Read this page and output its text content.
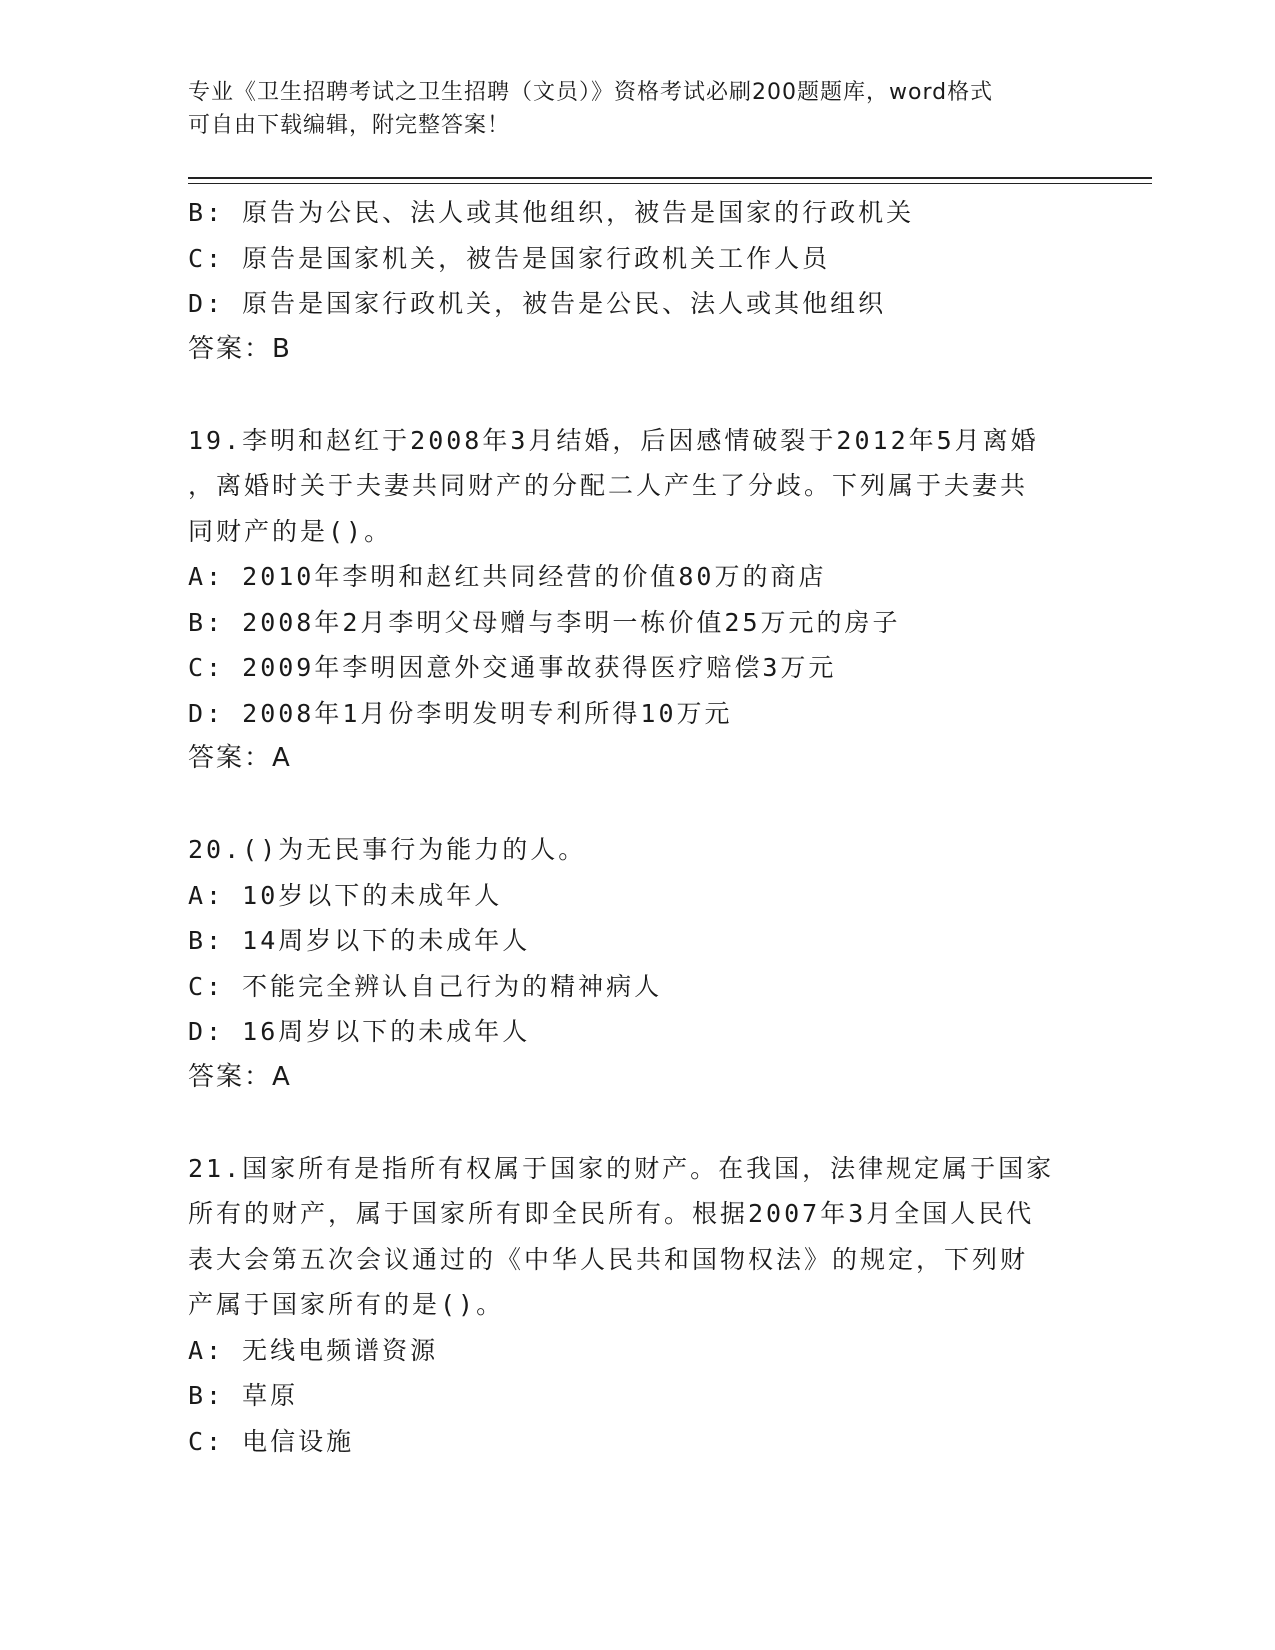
专业《卫生招聘考试之卫生招聘（文员）》资格考试必刷200题题库，word格式
可自由下载编辑，附完整答案！
B: 原告为公民、法人或其他组织，被告是国家的行政机关
C: 原告是国家机关，被告是国家行政机关工作人员
D: 原告是国家行政机关，被告是公民、法人或其他组织
答案：B
19.李明和赵红于2008年3月结婚，后因感情破裂于2012年5月离婚
，离婚时关于夫妻共同财产的分配二人产生了分歧。下列属于夫妻共
同财产的是()。
A: 2010年李明和赵红共同经营的价值80万的商店
B: 2008年2月李明父母赠与李明一栋价值25万元的房子
C: 2009年李明因意外交通事故获得医疗赔偿3万元
D: 2008年1月份李明发明专利所得10万元
答案：A
20.()为无民事行为能力的人。
A: 10岁以下的未成年人
B: 14周岁以下的未成年人
C: 不能完全辨认自己行为的精神病人
D: 16周岁以下的未成年人
答案：A
21.国家所有是指所有权属于国家的财产。在我国，法律规定属于国家
所有的财产，属于国家所有即全民所有。根据2007年3月全国人民代
表大会第五次会议通过的《中华人民共和国物权法》的规定，下列财
产属于国家所有的是()。
A: 无线电频谱资源
B: 草原
C: 电信设施
